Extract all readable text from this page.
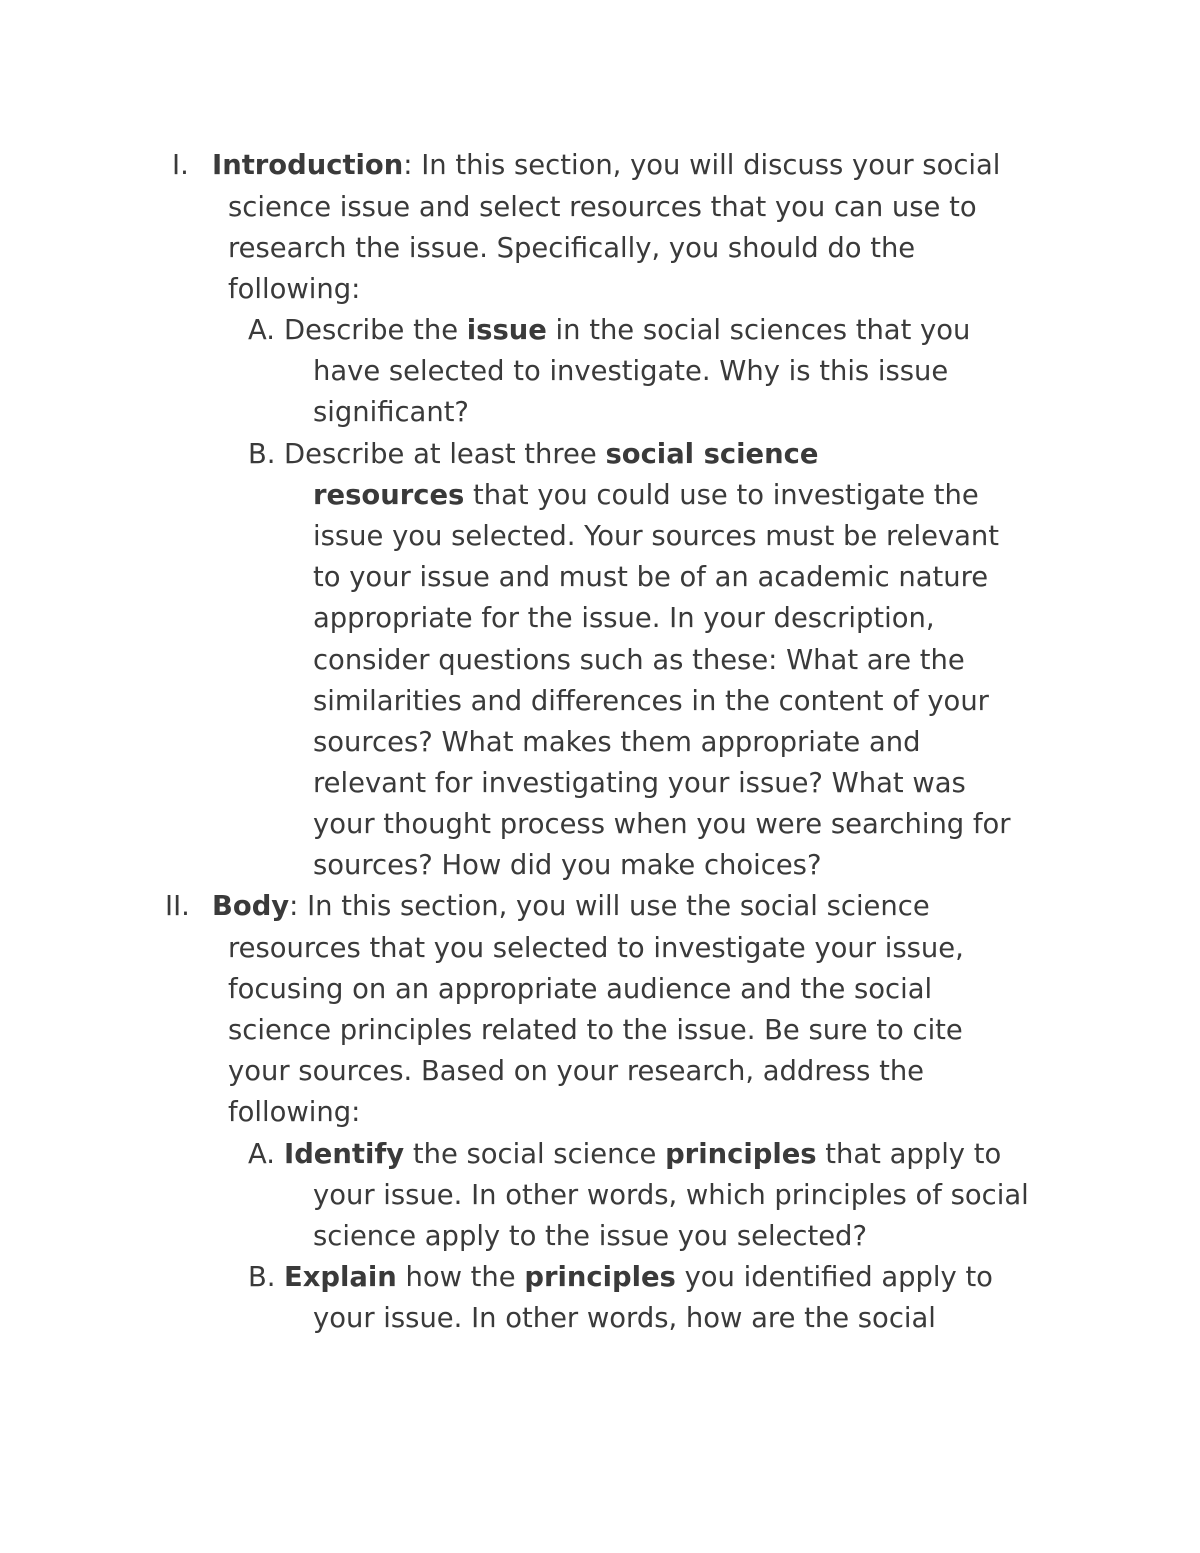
I. Introduction: In this section, you will discuss your social
science issue and select resources that you can use to
research the issue. Specifically, you should do the
following:
A. Describe the issue in the social sciences that you
have selected to investigate. Why is this issue
significant?
B. Describe at least three social science
resources that you could use to investigate the
issue you selected. Your sources must be relevant
to your issue and must be of an academic nature
appropriate for the issue. In your description,
consider questions such as these: What are the
similarities and differences in the content of your
sources? What makes them appropriate and
relevant for investigating your issue? What was
your thought process when you were searching for
sources? How did you make choices?
II. Body: In this section, you will use the social science
resources that you selected to investigate your issue,
focusing on an appropriate audience and the social
science principles related to the issue. Be sure to cite
your sources. Based on your research, address the
following:
A. Identify the social science principles that apply to
your issue. In other words, which principles of social
science apply to the issue you selected?
B. Explain how the principles you identified apply to
your issue. In other words, how are the social
